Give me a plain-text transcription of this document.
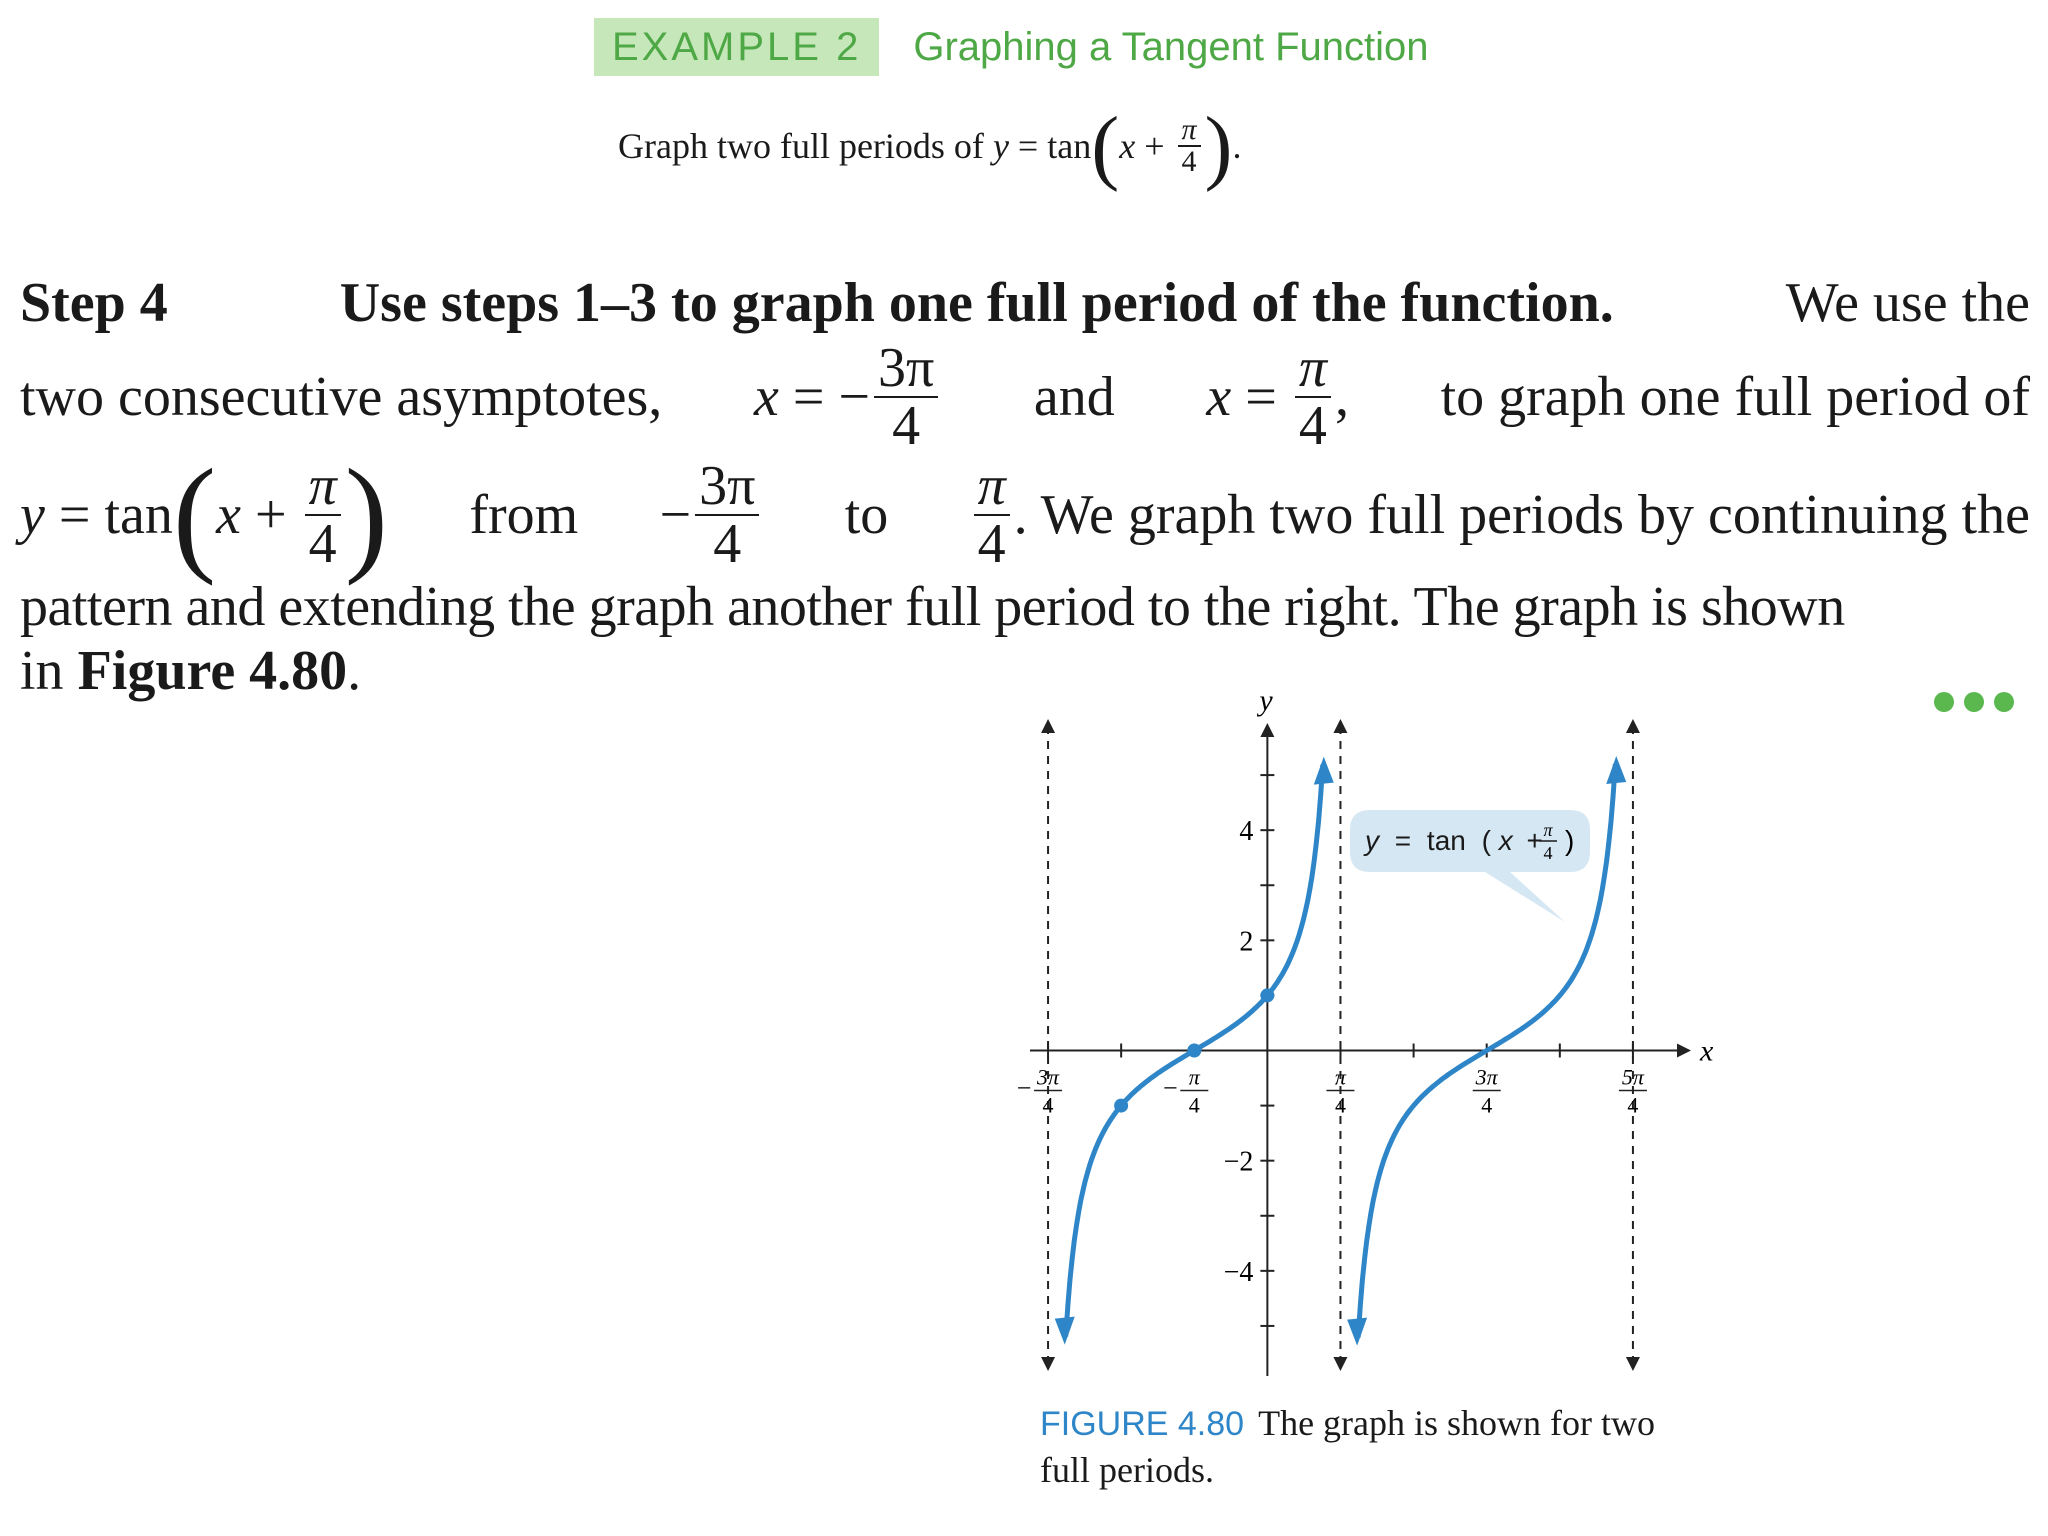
EXAMPLE 2	Graphing a Tangent Function
Graph two full periods of
y
=
tan ( x
+
$\frac{\pi}{4}$ ) .
Step 4	Use steps 1–3 to graph one full period of the function.	We use the
two consecutive asymptotes, x
=
− $\frac{3\pi}{4}$ and x
=
$\frac{\pi}{4}$ , to graph one full period of
y
=
tan ( x
+
$\frac{\pi}{4}$ ) from − $\frac{3\pi}{4}$ to $\frac{\pi}{4}$ . We graph two full periods by continuing the
pattern and extending the graph another full period to the right. The graph is shown
in
Figure 4.80 .
x
y
3π
4
−	π
4
−	π
4
3π
4
5π
4
4
2
−2
−4
y = tan ( x + π
4 )
FIGURE 4.80 The graph is shown for two full periods.
